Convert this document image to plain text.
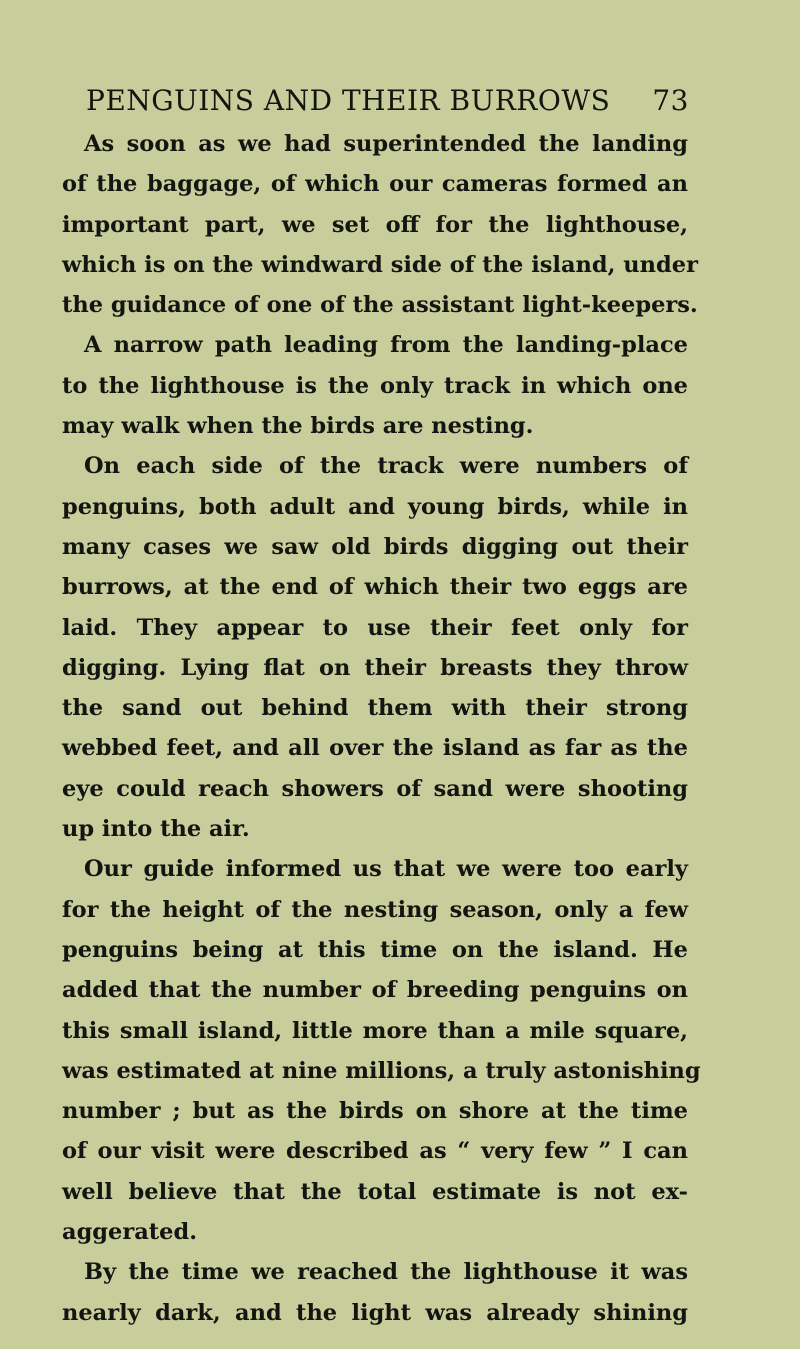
PENGUINS AND THEIR BURROWS 73
As soon as we had superintended the landing
of the baggage, of which our cameras formed an
important part, we set off for the lighthouse,
which is on the windward side of the island, under
the guidance of one of the assistant light-keepers.
A narrow path leading from the landing-place
to the lighthouse is the only track in which one
may walk when the birds are nesting.
On each side of the track were numbers of
penguins, both adult and young birds, while in
many cases we saw old birds digging out their
burrows, at the end of which their two eggs are
laid. They appear to use their feet only for
digging. Lying flat on their breasts they throw
the sand out behind them with their strong
webbed feet, and all over the island as far as the
eye could reach showers of sand were shooting
up into the air.
Our guide informed us that we were too early
for the height of the nesting season, only a few
penguins being at this time on the island. He
added that the number of breeding penguins on
this small island, little more than a mile square,
was estimated at nine millions, a truly astonishing
number ; but as the birds on shore at the time
of our visit were described as “ very few ” I can
well believe that the total estimate is not ex-
aggerated.
By the time we reached the lighthouse it was
nearly dark, and the light was already shining
